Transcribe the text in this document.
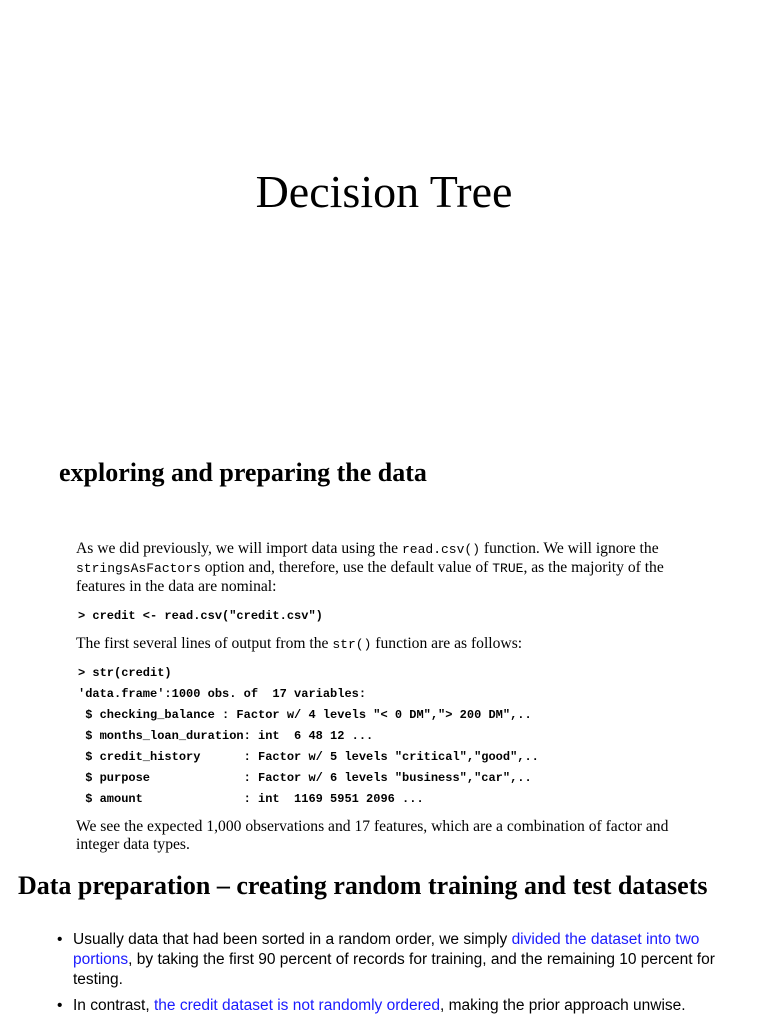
Decision Tree
exploring and preparing the data

As we did previously, we will import data using the read.csv() function. We will ignore the stringsAsFactors option and, therefore, use the default value of TRUE, as the majority of the features in the data are nominal:

> credit <- read.csv("credit.csv")

The first several lines of output from the str() function are as follows:

> str(credit)
'data.frame':1000 obs. of  17 variables:
$ checking_balance : Factor w/ 4 levels "< 0 DM","> 200 DM",..
$ months_loan_duration: int  6 48 12 ...
$ credit_history      : Factor w/ 5 levels "critical","good",..
$ purpose             : Factor w/ 6 levels "business","car",..
$ amount              : int  1169 5951 2096 ...

We see the expected 1,000 observations and 17 features, which are a combination of factor and integer data types.

Data preparation – creating random training and test datasets
• Usually data that had been sorted in a random order, we simply divided the dataset into two portions, by taking the first 90 percent of records for training, and the remaining 10 percent for testing.
• In contrast, the credit dataset is not randomly ordered, making the prior approach unwise.
